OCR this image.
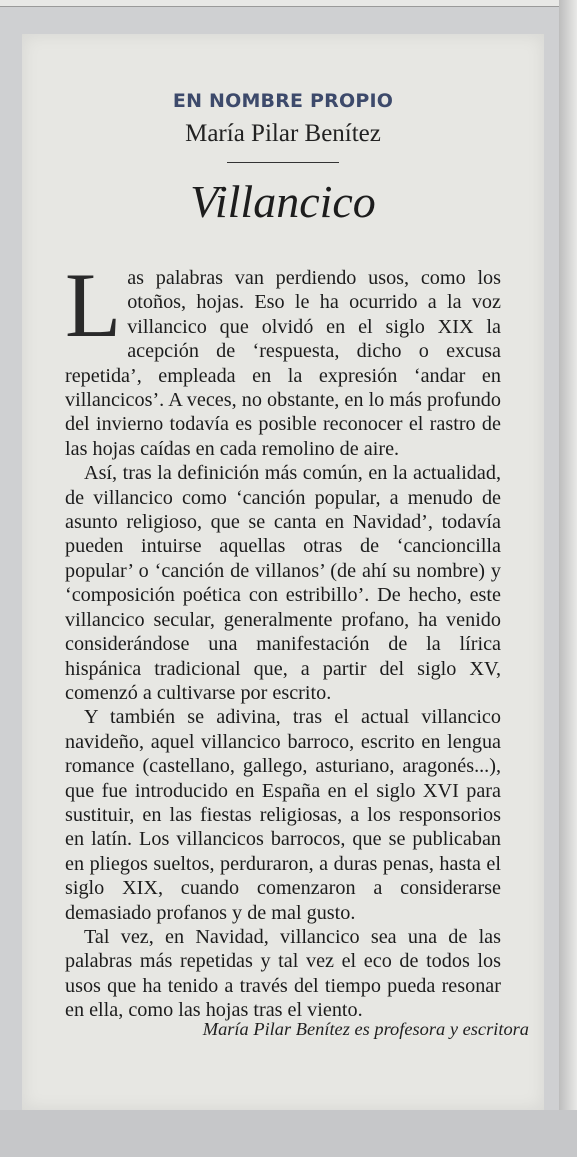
EN NOMBRE PROPIO
María Pilar Benítez
Villancico

Las palabras van perdiendo usos, como los otoños, hojas. Eso le ha ocurrido a la voz villancico que olvidó en el siglo XIX la acepción de ‘respuesta, dicho o excusa repetida’, empleada en la expresión ‘andar en villancicos’. A veces, no obstante, en lo más profundo del invierno todavía es posible reconocer el rastro de las hojas caídas en cada remolino de aire.

Así, tras la definición más común, en la actualidad, de villancico como ‘canción popular, a menudo de asunto religioso, que se canta en Navidad’, todavía pueden intuirse aquellas otras de ‘cancioncilla popular’ o ‘canción de villanos’ (de ahí su nombre) y ‘composición poética con estribillo’. De hecho, este villancico secular, generalmente profano, ha venido considerándose una manifestación de la lírica hispánica tradicional que, a partir del siglo XV, comenzó a cultivarse por escrito.

Y también se adivina, tras el actual villancico navideño, aquel villancico barroco, escrito en lengua romance (castellano, gallego, asturiano, aragonés...), que fue introducido en España en el siglo XVI para sustituir, en las fiestas religiosas, a los responsorios en latín. Los villancicos barrocos, que se publicaban en pliegos sueltos, perduraron, a duras penas, hasta el siglo XIX, cuando comenzaron a considerarse demasiado profanos y de mal gusto.

Tal vez, en Navidad, villancico sea una de las palabras más repetidas y tal vez el eco de todos los usos que ha tenido a través del tiempo pueda resonar en ella, como las hojas tras el viento.

María Pilar Benítez es profesora y escritora
